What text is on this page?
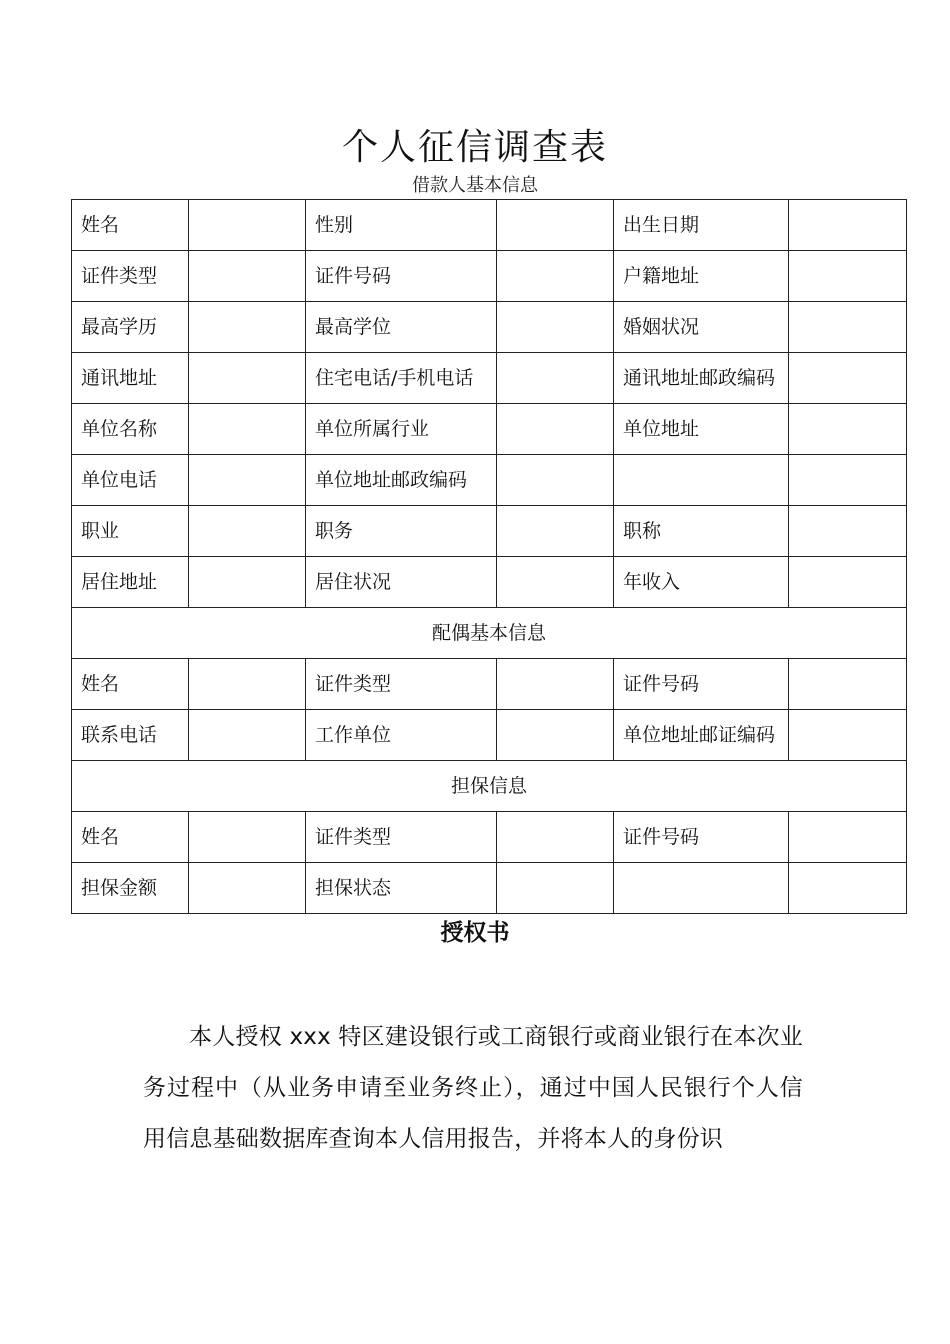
个人征信调查表
借款人基本信息
姓名		性别		出生日期	
证件类型		证件号码		户籍地址	
最高学历		最高学位		婚姻状况	
通讯地址		住宅电话/手机电话		通讯地址邮政编码	
单位名称		单位所属行业		单位地址	
单位电话		单位地址邮政编码			
职业		职务		职称	
居住地址		居住状况		年收入	
配偶基本信息					
姓名		证件类型		证件号码	
联系电话		工作单位		单位地址邮证编码	
担保信息					
姓名		证件类型		证件号码	
担保金额		担保状态			
授权书
本人授权 xxx 特区建设银行或工商银行或商业银行在本次业务过程中（从业务申请至业务终止），通过中国人民银行个人信用信息基础数据库查询本人信用报告，并将本人的身份识
